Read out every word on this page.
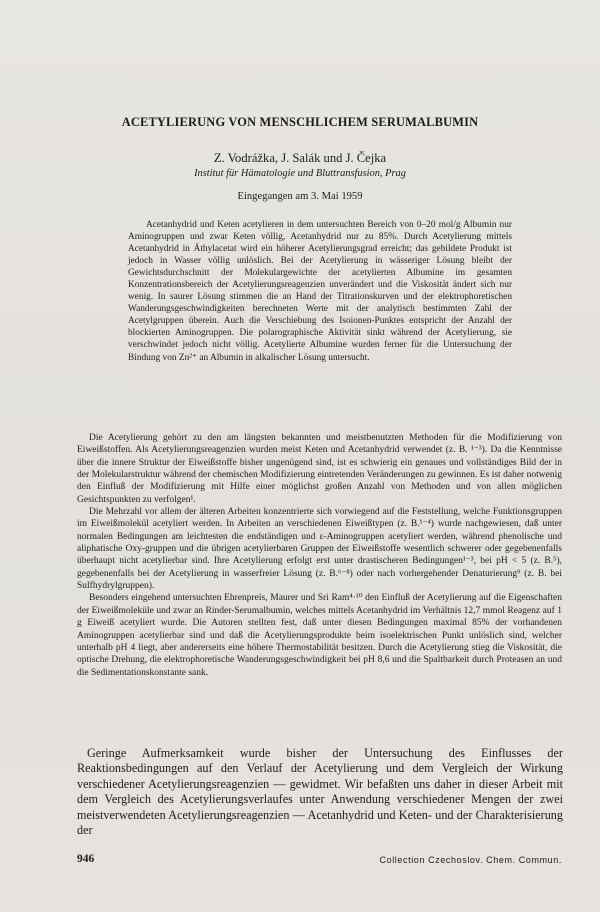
ACETYLIERUNG VON MENSCHLICHEM SERUMALBUMIN
Z. Vodrážka, J. Salák und J. Čejka
Institut für Hämatologie und Bluttransfusion, Prag
Eingegangen am 3. Mai 1959

Acetanhydrid und Keten acetylieren in dem untersuchten Bereich von 0–20 mol/g Albumin nur Aminogruppen und zwar Keten völlig, Acetanhydrid nur zu 85%. Durch Acetylierung mittels Acetanhydrid in Äthylacetat wird ein höherer Acetylierungsgrad erreicht; das gebildete Produkt ist jedoch in Wasser völlig unlöslich. Bei der Acetylierung in wässeriger Lösung bleibt der Gewichtsdurchschnitt der Molekulargewichte der acetylierten Albumine im gesamten Konzentrationsbereich der Acetylierungsreagenzien unverändert und die Viskosität ändert sich nur wenig. In saurer Lösung stimmen die an Hand der Titrationskurven und der elektrophoretischen Wanderungsgeschwindigkeiten berechneten Werte mit der analytisch bestimmten Zahl der Acetylgruppen überein. Auch die Verschiebung des Isoionen-Punktes entspricht der Anzahl der blockierten Aminogruppen. Die polarographische Aktivität sinkt während der Acetylierung, sie verschwindet jedoch nicht völlig. Acetylierte Albumine wurden ferner für die Untersuchung der Bindung von Zn²⁺ an Albumin in alkalischer Lösung untersucht.

Die Acetylierung gehört zu den am längsten bekannten und meistbenutzten Methoden für die Modifizierung von Eiweißstoffen. Als Acetylierungsreagenzien wurden meist Keten und Acetanhydrid verwendet (z. B. ¹⁻³). Da die Kenntnisse über die innere Struktur der Eiweißstoffe bisher ungenügend sind, ist es schwierig ein genaues und vollständiges Bild der in der Molekularstruktur während der chemischen Modifizierung eintretenden Veränderungen zu gewinnen. Es ist daher notwenig den Einfluß der Modifizierung mit Hilfe einer möglichst großen Anzahl von Methoden und von allen möglichen Gesichtspunkten zu verfolgen¹.

Die Mehrzahl vor allem der älteren Arbeiten konzentrierte sich vorwiegend auf die Feststellung, welche Funktionsgruppen im Eiweißmolekül acetyliert werden. In Arbeiten an verschiedenen Eiweißtypen (z. B.¹⁻⁴) wurde nachgewiesen, daß unter normalen Bedingungen am leichtesten die endständigen und ε-Aminogruppen acetyliert werden, während phenolische und aliphatische Oxy-gruppen und die übrigen acetylierbaren Gruppen der Eiweißstoffe wesentlich schwerer oder gegebenenfalls überhaupt nicht acetylierbar sind. Ihre Acetylierung erfolgt erst unter drastischeren Bedingungen¹⁻³, bei pH < 5 (z. B.⁵), gegebenenfalls bei der Acetylierung in wasserfreier Lösung (z. B.⁶⁻⁸) oder nach vorhergehender Denaturierung⁹ (z. B. bei Sulfhydrylgruppen).

Besonders eingehend untersuchten Ehrenpreis, Maurer und Sri Ram⁴·¹⁰ den Einfluß der Acetylierung auf die Eigenschaften der Eiweißmoleküle und zwar an Rinder-Serumalbumin, welches mittels Acetanhydrid im Verhältnis 12,7 mmol Reagenz auf 1 g Eiweiß acetyliert wurde. Die Autoren stellten fest, daß unter diesen Bedingungen maximal 85% der vorhandenen Aminogruppen acetylierbar sind und daß die Acetylierungsprodukte beim isoelektrischen Punkt unlöslich sind, welcher unterhalb pH 4 liegt, aber andererseits eine höhere Thermostabilität besitzen. Durch die Acetylierung stieg die Viskosität, die optische Drehung, die elektrophoretische Wanderungsgeschwindigkeit bei pH 8,6 und die Spaltbarkeit durch Proteasen an und die Sedimentationskonstante sank.

Geringe Aufmerksamkeit wurde bisher der Untersuchung des Einflusses der Reaktionsbedingungen auf den Verlauf der Acetylierung und dem Vergleich der Wirkung verschiedener Acetylierungsreagenzien — gewidmet. Wir befaßten uns daher in dieser Arbeit mit dem Vergleich des Acetylierungsverlaufes unter Anwendung verschiedener Mengen der zwei meistverwendeten Acetylierungsreagenzien — Acetanhydrid und Keten- und der Charakterisierung der

946	Collection Czechoslov. Chem. Commun.
